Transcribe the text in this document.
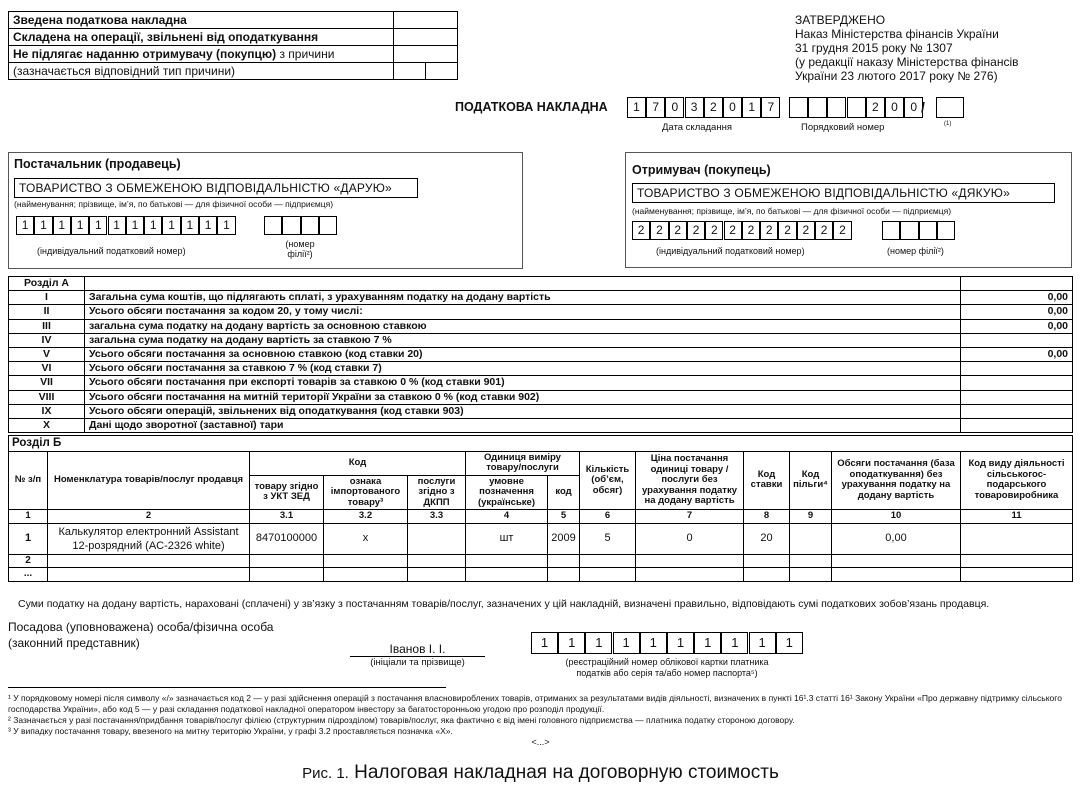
Зведена податкова накладна		
Складена на операції, звільнені від оподаткування		
Не підлягає наданню отримувачу (покупцю) з причини		
(зазначається відповідний тип причини)		
ЗАТВЕРДЖЕНО
Наказ Міністерства фінансів України
31 грудня 2015 року № 1307
(у редакції наказу Міністерства фінансів
України 23 лютого 2017 року № 276)
ПОДАТКОВА НАКЛАДНА	1	7	0	3	2	0	1	7
Дата складання
2	0	0 /
Порядковий номер	(1)
Постачальник (продавець)
ТОВАРИСТВО З ОБМЕЖЕНОЮ ВІДПОВІДАЛЬНІСТЮ «ДАРУЮ»
(найменування; прізвище, ім’я, по батькові — для фізичної особи — підприємця)
1 1 1 1 1 1 1 1 1 1 1 1
(індивідуальний податковий номер)
(номер
філії²)
Отримувач (покупець)
ТОВАРИСТВО З ОБМЕЖЕНОЮ ВІДПОВІДАЛЬНІСТЮ «ДЯКУЮ»
(найменування; прізвище, ім’я, по батькові — для фізичної особи — підприємця)
2 2 2 2 2 2 2 2 2 2 2 2
(індивідуальний податковий номер)	(номер філії²)
Розділ А		
I	Загальна сума коштів, що підлягають сплаті, з урахуванням податку на додану вартість	0,00
II	Усього обсяги постачання за кодом 20, у тому числі:	0,00
III	загальна сума податку на додану вартість за основною ставкою	0,00
IV	загальна сума податку на додану вартість за ставкою 7 %	
V	Усього обсяги постачання за основною ставкою (код ставки 20)	0,00
VI	Усього обсяги постачання за ставкою 7 % (код ставки 7)	
VII	Усього обсяги постачання при експорті товарів за ставкою 0 % (код ставки 901)	
VIII	Усього обсяги постачання на митній території України за ставкою 0 % (код ставки 902)	
IX	Усього обсяги операцій, звільнених від оподаткування (код ставки 903)	
X	Дані щодо зворотної (заставної) тари	
Розділ Б												
№ з/п	Номенклатура товарів/послуг продавця	Код			Одиниця виміру товару/послуги		Кількість (об’єм, обсяг)	Ціна постачання одиниці товару / послуги без урахування податку на додану вартість	Код ставки	Код пільги⁴	Обсяги постачання (база оподаткування) без урахування податку на додану вартість	Код виду діяльності сільськогос-подарського товаровиробника
		товару згідно з УКТ ЗЕД	ознака імпортованого товару³	послуги згідно з ДКПП	умовне позначення (українське)	код						
1	2	3.1	3.2	3.3	4	5	6	7	8	9	10	11
1	Калькулятор електронний Assistant 12-розрядний (AC-2326 white)	8470100000	x		шт	2009	5	0	20		0,00	
2												
...												
Суми податку на додану вартість, нараховані (сплачені) у зв’язку з постачанням товарів/послуг, зазначених у цій накладній, визначені правильно, відповідають сумі податкових зобов’язань продавця.
Посадова (уповноважена) особа/фізична особа
(законний представник)	Іванов І. І.
(ініціали та прізвище)
1	1	1	1	1	1	1	1	1	1
(реєстраційний номер облікової картки платника
податків або серія та/або номер паспорта⁵)
¹ У порядковому номері після символу «/» зазначається код 2 — у разі здійснення операцій з постачання власновироблених товарів, отриманих за результатами видів діяльності, визначених в пункті 16¹.3 статті 16¹ Закону України «Про державну підтримку сільського господарства України», або код 5 — у разі складання податкової накладної оператором інвестору за багатосторонньою угодою про розподіл продукції.
² Зазначається у разі постачання/придбання товарів/послуг філією (структурним підрозділом) товарів/послуг, яка фактично є від імені головного підприємства — платника податку стороною договору.
³ У випадку постачання товару, ввезеного на митну територію України, у графі 3.2 проставляється позначка «X».
<...>
Рис. 1. Налоговая накладная на договорную стоимость
